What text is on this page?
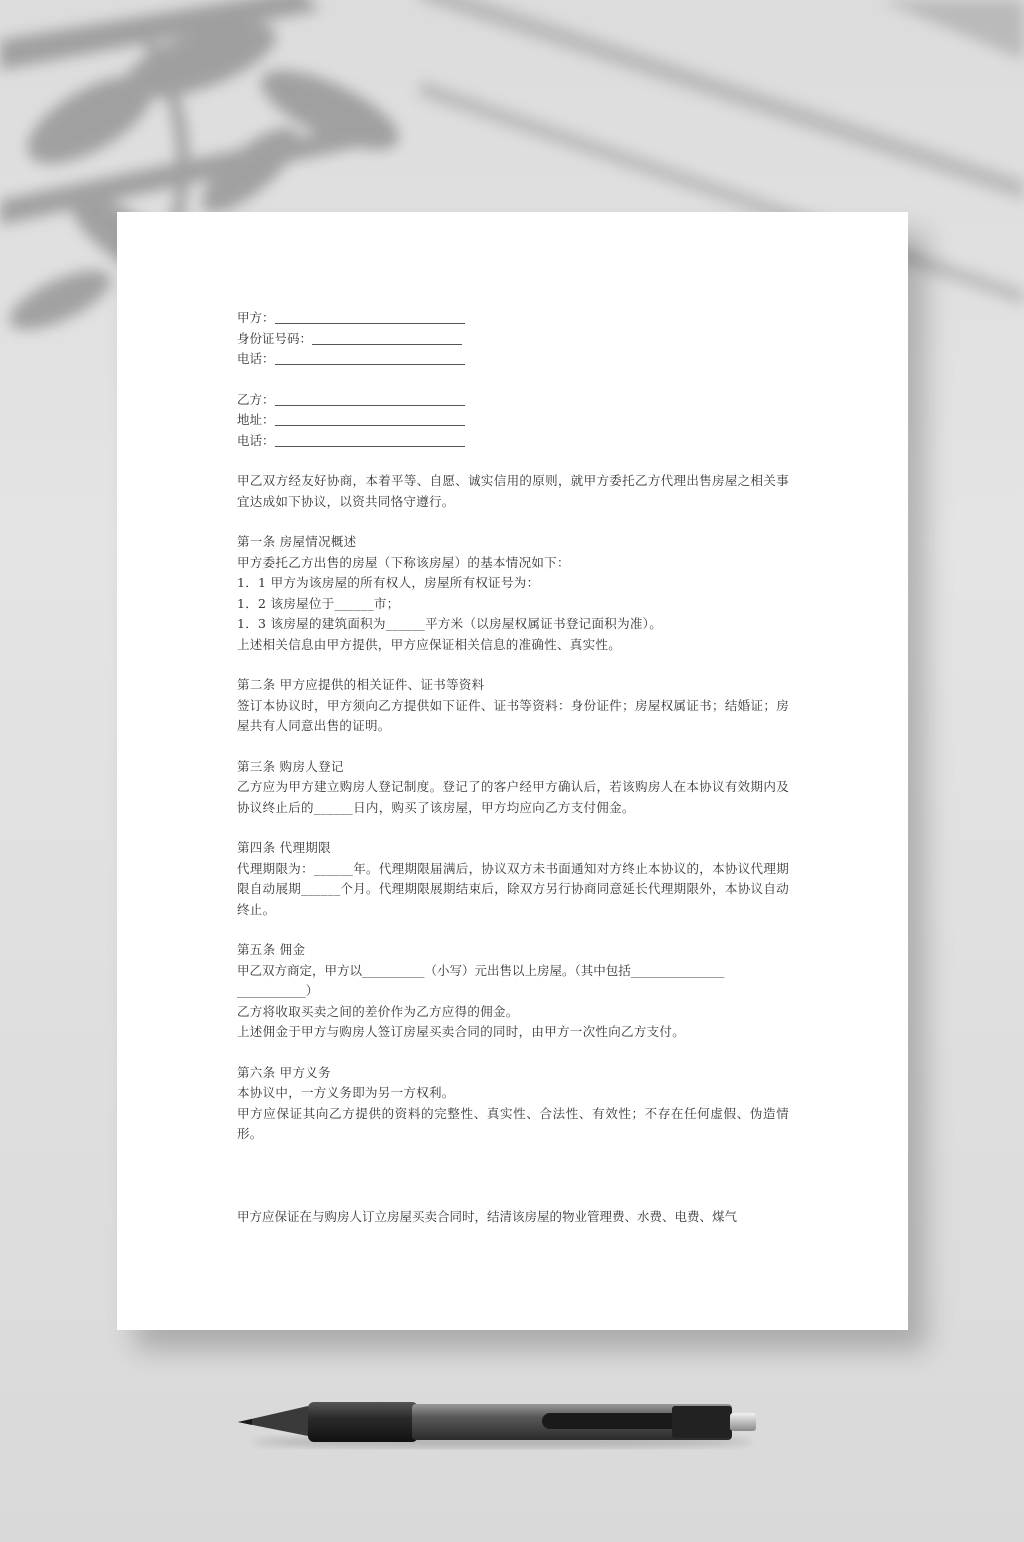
甲方：
身份证号码：
电话：
乙方：
地址：
电话：

甲乙双方经友好协商，本着平等、自愿、诚实信用的原则，就甲方委托乙方代理出售房屋之相关事宜达成如下协议，以资共同恪守遵行。

第一条 房屋情况概述

甲方委托乙方出售的房屋（下称该房屋）的基本情况如下：

1．1 甲方为该房屋的所有权人，房屋所有权证号为：

1．2 该房屋位于______市；

1．3 该房屋的建筑面积为______平方米（以房屋权属证书登记面积为准）。

上述相关信息由甲方提供，甲方应保证相关信息的准确性、真实性。

第二条 甲方应提供的相关证件、证书等资料

签订本协议时，甲方须向乙方提供如下证件、证书等资料：身份证件；房屋权属证书；结婚证；房屋共有人同意出售的证明。

第三条 购房人登记

乙方应为甲方建立购房人登记制度。登记了的客户经甲方确认后，若该购房人在本协议有效期内及协议终止后的______日内，购买了该房屋，甲方均应向乙方支付佣金。

第四条 代理期限

代理期限为：______年。代理期限届满后，协议双方未书面通知对方终止本协议的，本协议代理期限自动展期______个月。代理期限展期结束后，除双方另行协商同意延长代理期限外，本协议自动终止。

第五条 佣金

甲乙双方商定，甲方以__________（小写）元出售以上房屋。（其中包括_______________

___________）

乙方将收取买卖之间的差价作为乙方应得的佣金。

上述佣金于甲方与购房人签订房屋买卖合同的同时，由甲方一次性向乙方支付。

第六条 甲方义务

本协议中，一方义务即为另一方权利。

甲方应保证其向乙方提供的资料的完整性、真实性、合法性、有效性；不存在任何虚假、伪造情形。

甲方应保证在与购房人订立房屋买卖合同时，结清该房屋的物业管理费、水费、电费、煤气
